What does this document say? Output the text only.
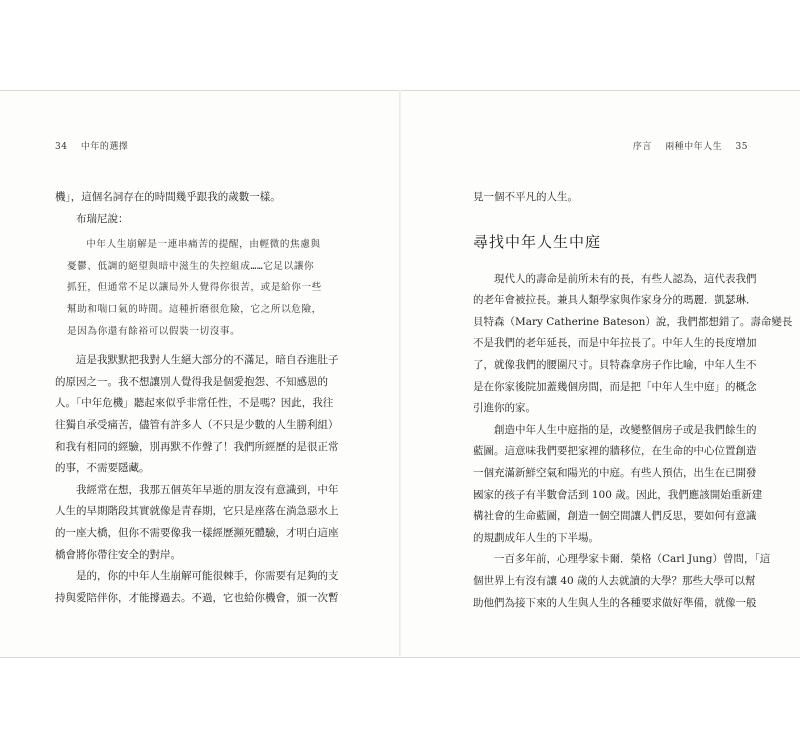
34 中年的選擇

機」，這個名詞存在的時間幾乎跟我的歲數一樣。

布瑞尼說：

中年人生崩解是一連串痛苦的提醒，由輕微的焦慮與
憂鬱、低調的絕望與暗中滋生的失控組成……它足以讓你
抓狂，但通常不足以讓局外人覺得你很苦，或是給你一些
幫助和喘口氣的時間。這種折磨很危險，它之所以危險，
是因為你還有餘裕可以假裝一切沒事。

這是我默默把我對人生絕大部分的不滿足，暗自吞進肚子
的原因之一。我不想讓別人覺得我是個愛抱怨、不知感恩的
人。「中年危機」聽起來似乎非常任性，不是嗎？因此，我往
往獨自承受痛苦，儘管有許多人（不只是少數的人生勝利組）
和我有相同的經驗，別再默不作聲了！我們所經歷的是很正常
的事，不需要隱藏。

我經常在想，我那五個英年早逝的朋友沒有意識到，中年
人生的早期階段其實就像是青春期，它只是座落在淌急惡水上
的一座大橋，但你不需要像我一樣經歷瀕死體驗，才明白這座
橋會將你帶往安全的對岸。

是的，你的中年人生崩解可能很棘手，你需要有足夠的支
持與愛陪伴你，才能撐過去。不過，它也給你機會，頒一次暫

序言 兩種中年人生 35

見一個不平凡的人生。

尋找中年人生中庭

現代人的壽命是前所未有的長，有些人認為，這代表我們
的老年會被拉長。兼具人類學家與作家身分的瑪麗．凱瑟琳．
貝特森（Mary Catherine Bateson）說，我們都想錯了。壽命變長
不是我們的老年延長，而是中年拉長了。中年人生的長度增加
了，就像我們的腰圍尺寸。貝特森拿房子作比喻，中年人生不
是在你家後院加蓋幾個房間，而是把「中年人生中庭」的概念
引進你的家。

創造中年人生中庭指的是，改變整個房子或是我們餘生的
藍圖。這意味我們要把家裡的牆移位，在生命的中心位置創造
一個充滿新鮮空氣和陽光的中庭。有些人預估，出生在已開發
國家的孩子有半數會活到 100 歲。因此，我們應該開始重新建
構社會的生命藍圖，創造一個空間讓人們反思，要如何有意識
的規劃成年人生的下半場。

一百多年前，心理學家卡爾．榮格（Carl Jung）曾問，「這
個世界上有沒有讓 40 歲的人去就讀的大學？那些大學可以幫
助他們為接下來的人生與人生的各種要求做好準備，就像一般
